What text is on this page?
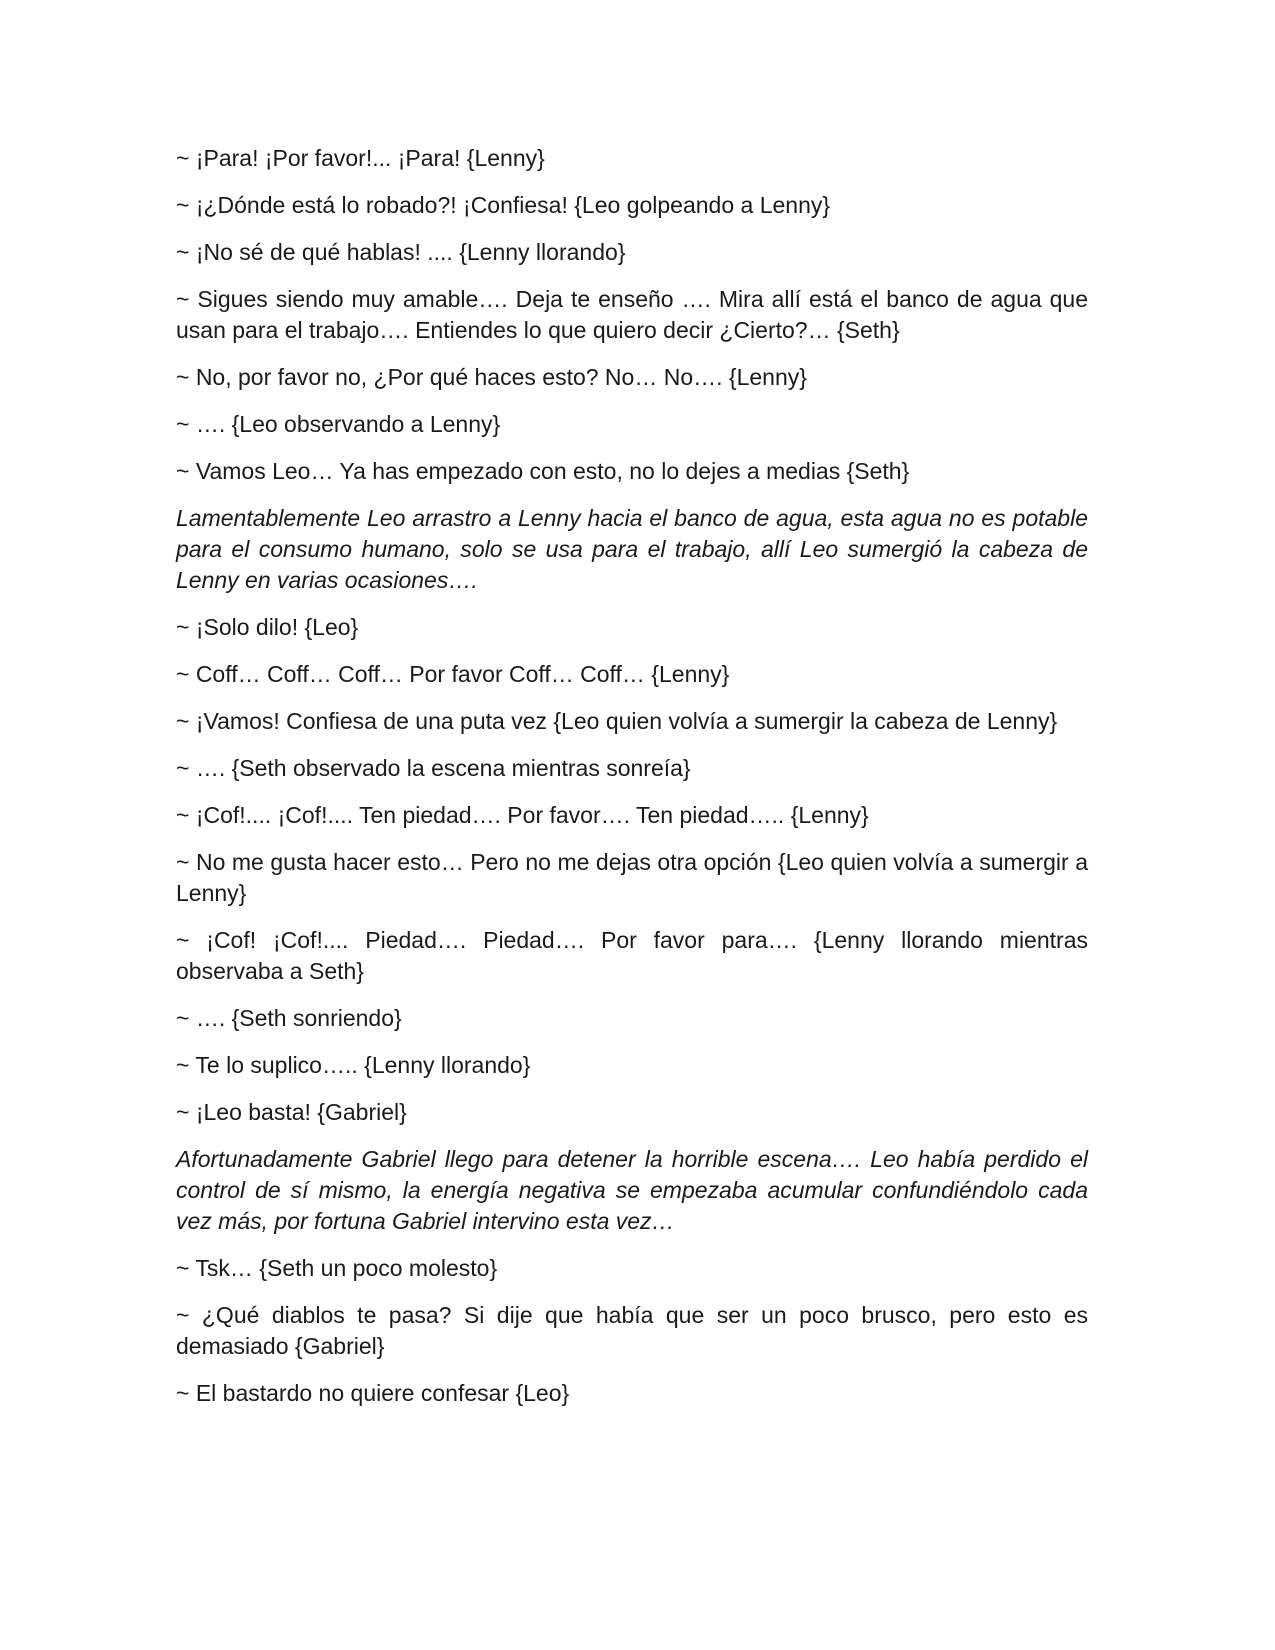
~ ¡Para! ¡Por favor!... ¡Para! {Lenny}

~ ¡¿Dónde está lo robado?! ¡Confiesa! {Leo golpeando a Lenny}

~ ¡No sé de qué hablas! .... {Lenny llorando}

~ Sigues siendo muy amable…. Deja te enseño …. Mira allí está el banco de agua que usan para el trabajo…. Entiendes lo que quiero decir ¿Cierto?… {Seth}

~ No, por favor no, ¿Por qué haces esto? No… No…. {Lenny}

~ …. {Leo observando a Lenny}

~ Vamos Leo… Ya has empezado con esto, no lo dejes a medias {Seth}

Lamentablemente Leo arrastro a Lenny hacia el banco de agua, esta agua no es potable para el consumo humano, solo se usa para el trabajo, allí Leo sumergió la cabeza de Lenny en varias ocasiones….

~ ¡Solo dilo! {Leo}

~ Coff… Coff… Coff… Por favor Coff… Coff… {Lenny}

~ ¡Vamos! Confiesa de una puta vez {Leo quien volvía a sumergir la cabeza de Lenny}

~ …. {Seth observado la escena mientras sonreía}

~ ¡Cof!.... ¡Cof!.... Ten piedad…. Por favor…. Ten piedad….. {Lenny}

~ No me gusta hacer esto… Pero no me dejas otra opción {Leo quien volvía a sumergir a Lenny}

~ ¡Cof! ¡Cof!.... Piedad…. Piedad…. Por favor para…. {Lenny llorando mientras observaba a Seth}

~ …. {Seth sonriendo}

~ Te lo suplico….. {Lenny llorando}

~ ¡Leo basta! {Gabriel}

Afortunadamente Gabriel llego para detener la horrible escena…. Leo había perdido el control de sí mismo, la energía negativa se empezaba acumular confundiéndolo cada vez más, por fortuna Gabriel intervino esta vez…

~ Tsk… {Seth un poco molesto}

~ ¿Qué diablos te pasa? Si dije que había que ser un poco brusco, pero esto es demasiado {Gabriel}

~ El bastardo no quiere confesar {Leo}
